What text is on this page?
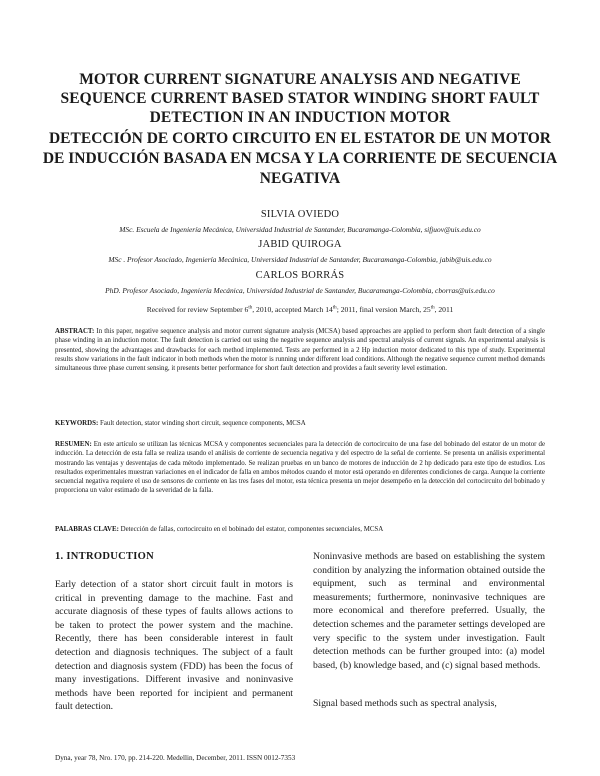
MOTOR CURRENT SIGNATURE ANALYSIS AND NEGATIVE SEQUENCE CURRENT BASED STATOR WINDING SHORT FAULT DETECTION IN AN INDUCTION MOTOR
DETECCIÓN DE CORTO CIRCUITO EN EL ESTATOR DE UN MOTOR DE INDUCCIÓN BASADA EN MCSA Y LA CORRIENTE DE SECUENCIA NEGATIVA
SILVIA OVIEDO
MSc. Escuela de Ingeniería Mecánica, Universidad Industrial de Santander, Bucaramanga-Colombia, sifjuov@uis.edu.co
JABID QUIROGA
MSc . Profesor Asociado, Ingeniería Mecánica, Universidad Industrial de Santander, Bucaramanga-Colombia, jabib@uis.edu.co
CARLOS BORRÁS
PhD. Profesor Asociado, Ingeniería Mecánica, Universidad Industrial de Santander, Bucaramanga-Colombia, cborras@uis.edu.co
Received for review September 6th, 2010, accepted March 14th; 2011, final version March, 25th, 2011
ABSTRACT: In this paper, negative sequence analysis and motor current signature analysis (MCSA) based approaches are applied to perform short fault detection of a single phase winding in an induction motor. The fault detection is carried out using the negative sequence analysis and spectral analysis of current signals. An experimental analysis is presented, showing the advantages and drawbacks for each method implemented. Tests are performed in a 2 Hp induction motor dedicated to this type of study. Experimental results show variations in the fault indicator in both methods when the motor is running under different load conditions. Although the negative sequence current method demands simultaneous three phase current sensing, it presents better performance for short fault detection and provides a fault severity level estimation.
KEYWORDS: Fault detection, stator winding short circuit, sequence components, MCSA
RESUMEN: En este artículo se utilizan las técnicas MCSA y componentes secuenciales para la detección de cortocircuito de una fase del bobinado del estator de un motor de inducción. La detección de esta falla se realiza usando el análisis de corriente de secuencia negativa y del espectro de la señal de corriente. Se presenta un análisis experimental mostrando las ventajas y desventajas de cada método implementado. Se realizan pruebas en un banco de motores de inducción de 2 hp dedicado para este tipo de estudios. Los resultados experimentales muestran variaciones en el indicador de falla en ambos métodos cuando el motor está operando en diferentes condiciones de carga. Aunque la corriente secuencial negativa requiere el uso de sensores de corriente en las tres fases del motor, esta técnica presenta un mejor desempeño en la detección del cortocircuito del bobinado y proporciona un valor estimado de la severidad de la falla.
PALABRAS CLAVE: Detección de fallas, cortocircuito en el bobinado del estator, componentes secuenciales, MCSA
1. INTRODUCTION
Early detection of a stator short circuit fault in motors is critical in preventing damage to the machine. Fast and accurate diagnosis of these types of faults allows actions to be taken to protect the power system and the machine. Recently, there has been considerable interest in fault detection and diagnosis techniques. The subject of a fault detection and diagnosis system (FDD) has been the focus of many investigations. Different invasive and noninvasive methods have been reported for incipient and permanent fault detection.
Noninvasive methods are based on establishing the system condition by analyzing the information obtained outside the equipment, such as terminal and environmental measurements; furthermore, noninvasive techniques are more economical and therefore preferred. Usually, the detection schemes and the parameter settings developed are very specific to the system under investigation. Fault detection methods can be further grouped into: (a) model based, (b) knowledge based, and (c) signal based methods.
Signal based methods such as spectral analysis,
Dyna, year 78, Nro. 170, pp. 214-220. Medellin, December, 2011. ISSN 0012-7353
